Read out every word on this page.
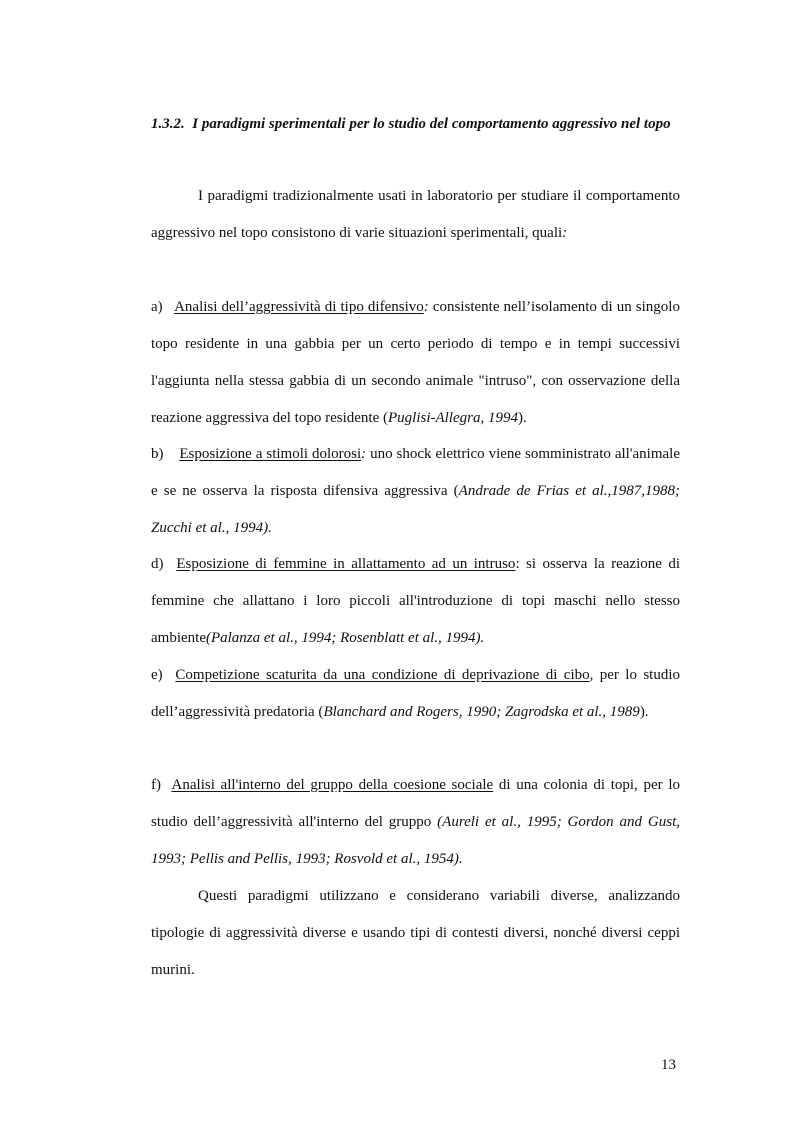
1.3.2. I paradigmi sperimentali per lo studio del comportamento aggressivo nel topo
I paradigmi tradizionalmente usati in laboratorio per studiare il comportamento aggressivo nel topo consistono di varie situazioni sperimentali, quali:
a) Analisi dell’aggressività di tipo difensivo: consistente nell’isolamento di un singolo topo residente in una gabbia per un certo periodo di tempo e in tempi successivi l'aggiunta nella stessa gabbia di un secondo animale "intruso", con osservazione della reazione aggressiva del topo residente (Puglisi-Allegra, 1994).
b) Esposizione a stimoli dolorosi: uno shock elettrico viene somministrato all'animale e se ne osserva la risposta difensiva aggressiva (Andrade de Frias et al.,1987,1988; Zucchi et al., 1994).
d) Esposizione di femmine in allattamento ad un intruso: si osserva la reazione di femmine che allattano i loro piccoli all'introduzione di topi maschi nello stesso ambiente(Palanza et al., 1994; Rosenblatt et al., 1994).
e) Competizione scaturita da una condizione di deprivazione di cibo, per lo studio dell’aggressività predatoria (Blanchard and Rogers, 1990; Zagrodska et al., 1989).
f) Analisi all'interno del gruppo della coesione sociale di una colonia di topi, per lo studio dell’aggressività all'interno del gruppo (Aureli et al., 1995; Gordon and Gust, 1993; Pellis and Pellis, 1993; Rosvold et al., 1954).
Questi paradigmi utilizzano e considerano variabili diverse, analizzando tipologie di aggressività diverse e usando tipi di contesti diversi, nonché diversi ceppi murini.
13
